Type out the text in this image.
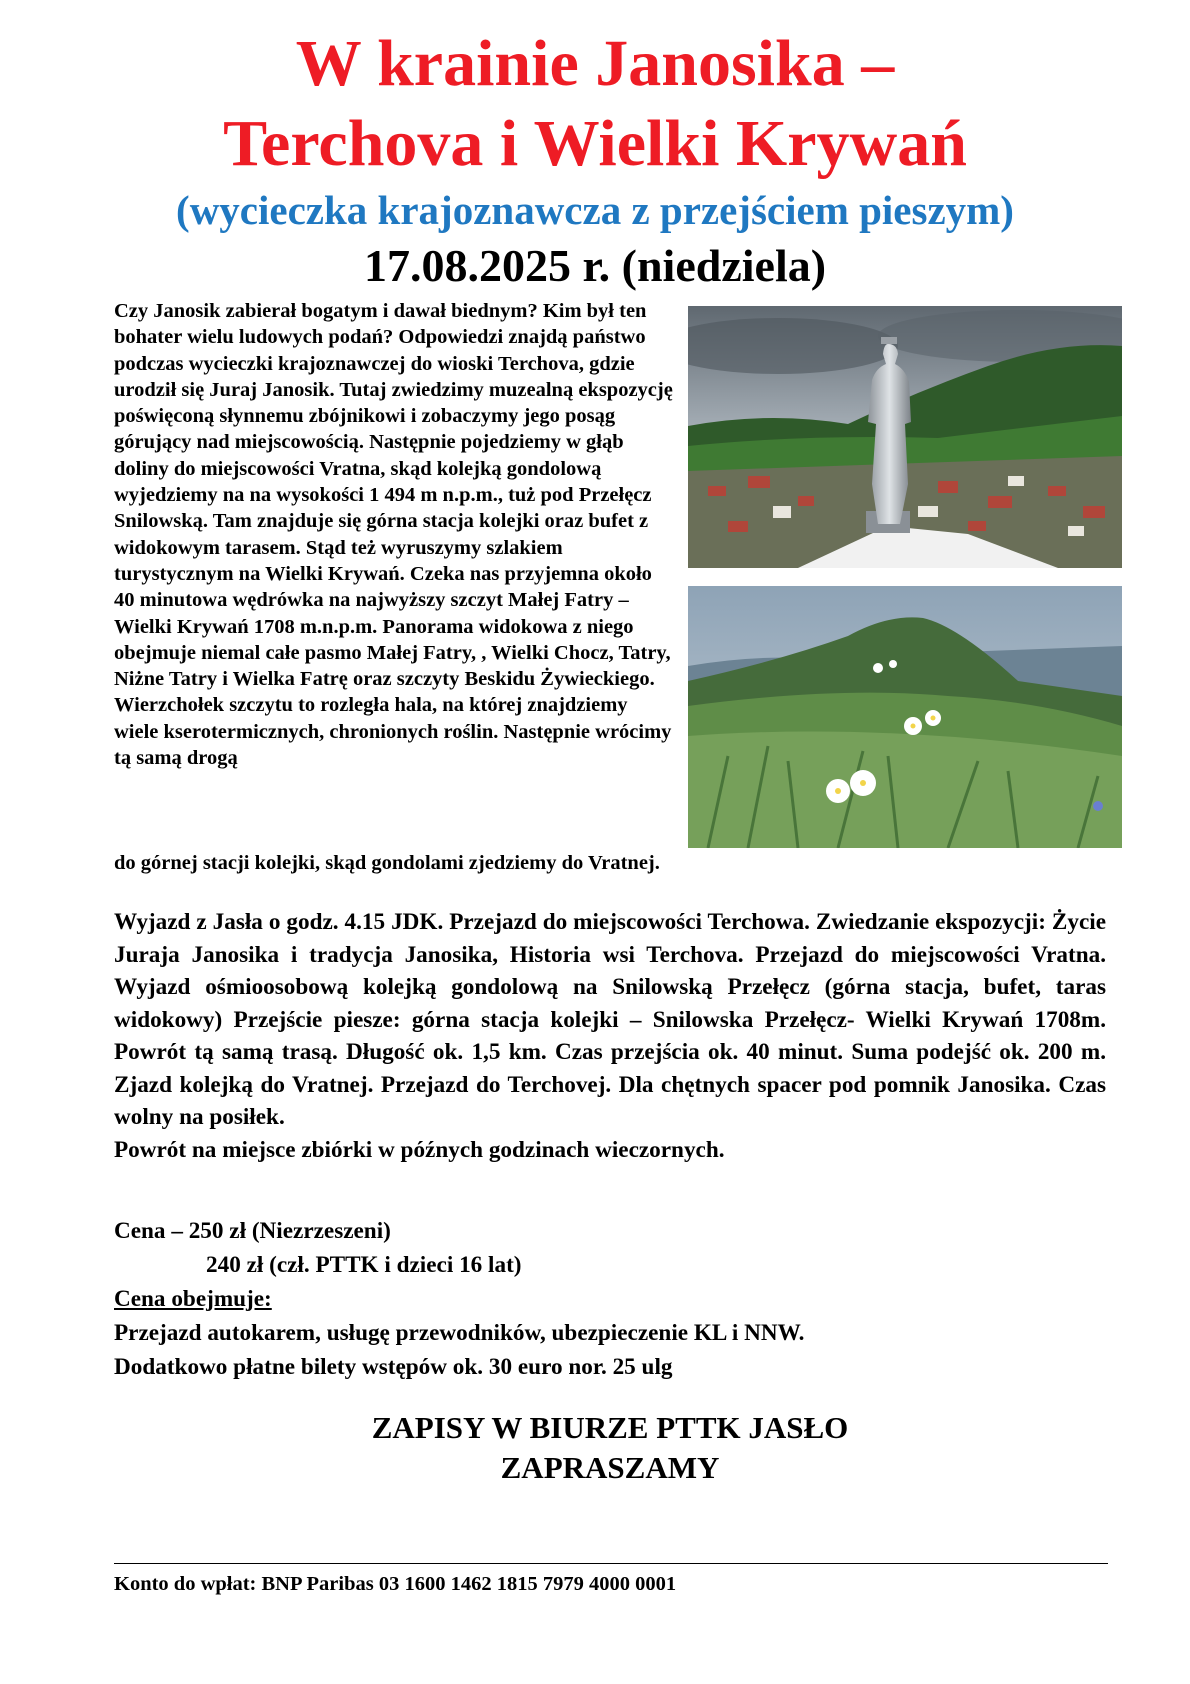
W krainie Janosika –
Terchova i Wielki Krywań
(wycieczka krajoznawcza z przejściem pieszym)
17.08.2025 r. (niedziela)
Czy Janosik zabierał bogatym i dawał biednym? Kim był ten bohater wielu ludowych podań? Odpowiedzi znajdą państwo podczas wycieczki krajoznawczej do wioski Terchova, gdzie urodził się Juraj Janosik. Tutaj zwiedzimy muzealną ekspozycję poświęconą słynnemu zbójnikowi i zobaczymy jego posąg górujący nad miejscowością. Następnie pojedziemy w głąb doliny do miejscowości Vratna, skąd kolejką gondolową wyjedziemy na na wysokości 1 494 m n.p.m., tuż pod Przełęcz Snilowską. Tam znajduje się górna stacja kolejki oraz bufet z widokowym tarasem. Stąd też wyruszymy szlakiem turystycznym na Wielki Krywań. Czeka nas przyjemna około 40 minutowa wędrówka na najwyższy szczyt Małej Fatry – Wielki Krywań 1708 m.n.p.m. Panorama widokowa z niego obejmuje niemal całe pasmo Małej Fatry, , Wielki Chocz, Tatry, Niżne Tatry i Wielka Fatrę oraz szczyty Beskidu Żywieckiego. Wierzchołek szczytu to rozległa hala, na której znajdziemy wiele kserotermicznych, chronionych roślin. Następnie wrócimy tą samą drogą
do górnej stacji kolejki, skąd gondolami zjedziemy do Vratnej.

Wyjazd z Jasła o godz. 4.15 JDK. Przejazd do miejscowości Terchowa. Zwiedzanie ekspozycji: Życie Juraja Janosika i tradycja Janosika, Historia wsi Terchova. Przejazd do miejscowości Vratna. Wyjazd ośmioosobową kolejką gondolową na Snilowską Przełęcz (górna stacja, bufet, taras widokowy) Przejście piesze: górna stacja kolejki – Snilowska Przełęcz- Wielki Krywań 1708m. Powrót tą samą trasą. Długość ok. 1,5 km. Czas przejścia ok. 40 minut. Suma podejść ok. 200 m. Zjazd kolejką do Vratnej. Przejazd do Terchovej. Dla chętnych spacer pod pomnik Janosika. Czas wolny na posiłek.

Powrót na miejsce zbiórki w późnych godzinach wieczornych.

Cena – 250 zł (Niezrzeszeni)
240 zł (czł. PTTK i dzieci 16 lat)
Cena obejmuje:
Przejazd autokarem, usługę przewodników, ubezpieczenie KL i NNW.
Dodatkowo płatne bilety wstępów ok. 30 euro nor. 25 ulg
ZAPISY W BIURZE PTTK JASŁO
ZAPRASZAMY
Konto do wpłat: BNP Paribas 03 1600 1462 1815 7979 4000 0001
